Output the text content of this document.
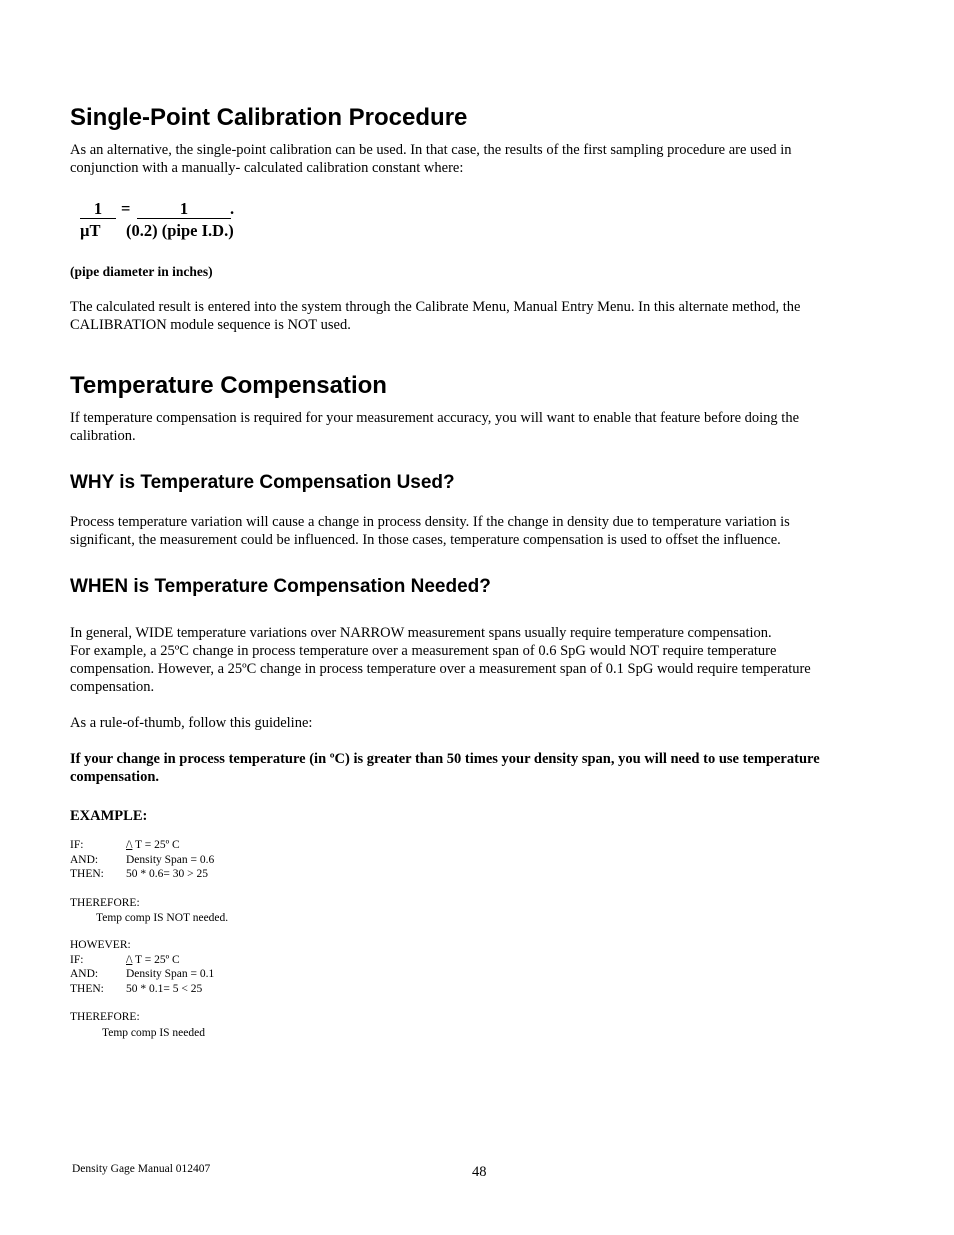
Single-Point Calibration Procedure
As an alternative, the single-point calibration can be used. In that case, the results of the first sampling procedure are used in
conjunction with a manually- calculated calibration constant where:
1	=	1	.
µT (0.2) (pipe I.D.)
(pipe diameter in inches)
The calculated result is entered into the system through the Calibrate Menu, Manual Entry Menu. In this alternate method, the
CALIBRATION module sequence is NOT used.
Temperature Compensation
If temperature compensation is required for your measurement accuracy, you will want to enable that feature before doing the
calibration.
WHY is Temperature Compensation Used?
Process temperature variation will cause a change in process density. If the change in density due to temperature variation is
significant, the measurement could be influenced. In those cases, temperature compensation is used to offset the influence.
WHEN is Temperature Compensation Needed?
In general, WIDE temperature variations over NARROW measurement spans usually require temperature compensation.
For example, a 25ºC change in process temperature over a measurement span of 0.6 SpG would NOT require temperature
compensation. However, a 25ºC change in process temperature over a measurement span of 0.1 SpG would require temperature
compensation.
As a rule-of-thumb, follow this guideline:
If your change in process temperature (in ºC) is greater than 50 times your density span, you will need to use temperature
compensation.
EXAMPLE:
IF:	/\ T = 25º C
AND: Density Span = 0.6
THEN: 50 * 0.6= 30 > 25
THEREFORE:
Temp comp IS NOT needed.
HOWEVER:
IF:	/\ T = 25º C
AND: Density Span = 0.1
THEN: 50 * 0.1= 5 < 25
THEREFORE:
Temp comp IS needed
Density Gage Manual 012407	48
